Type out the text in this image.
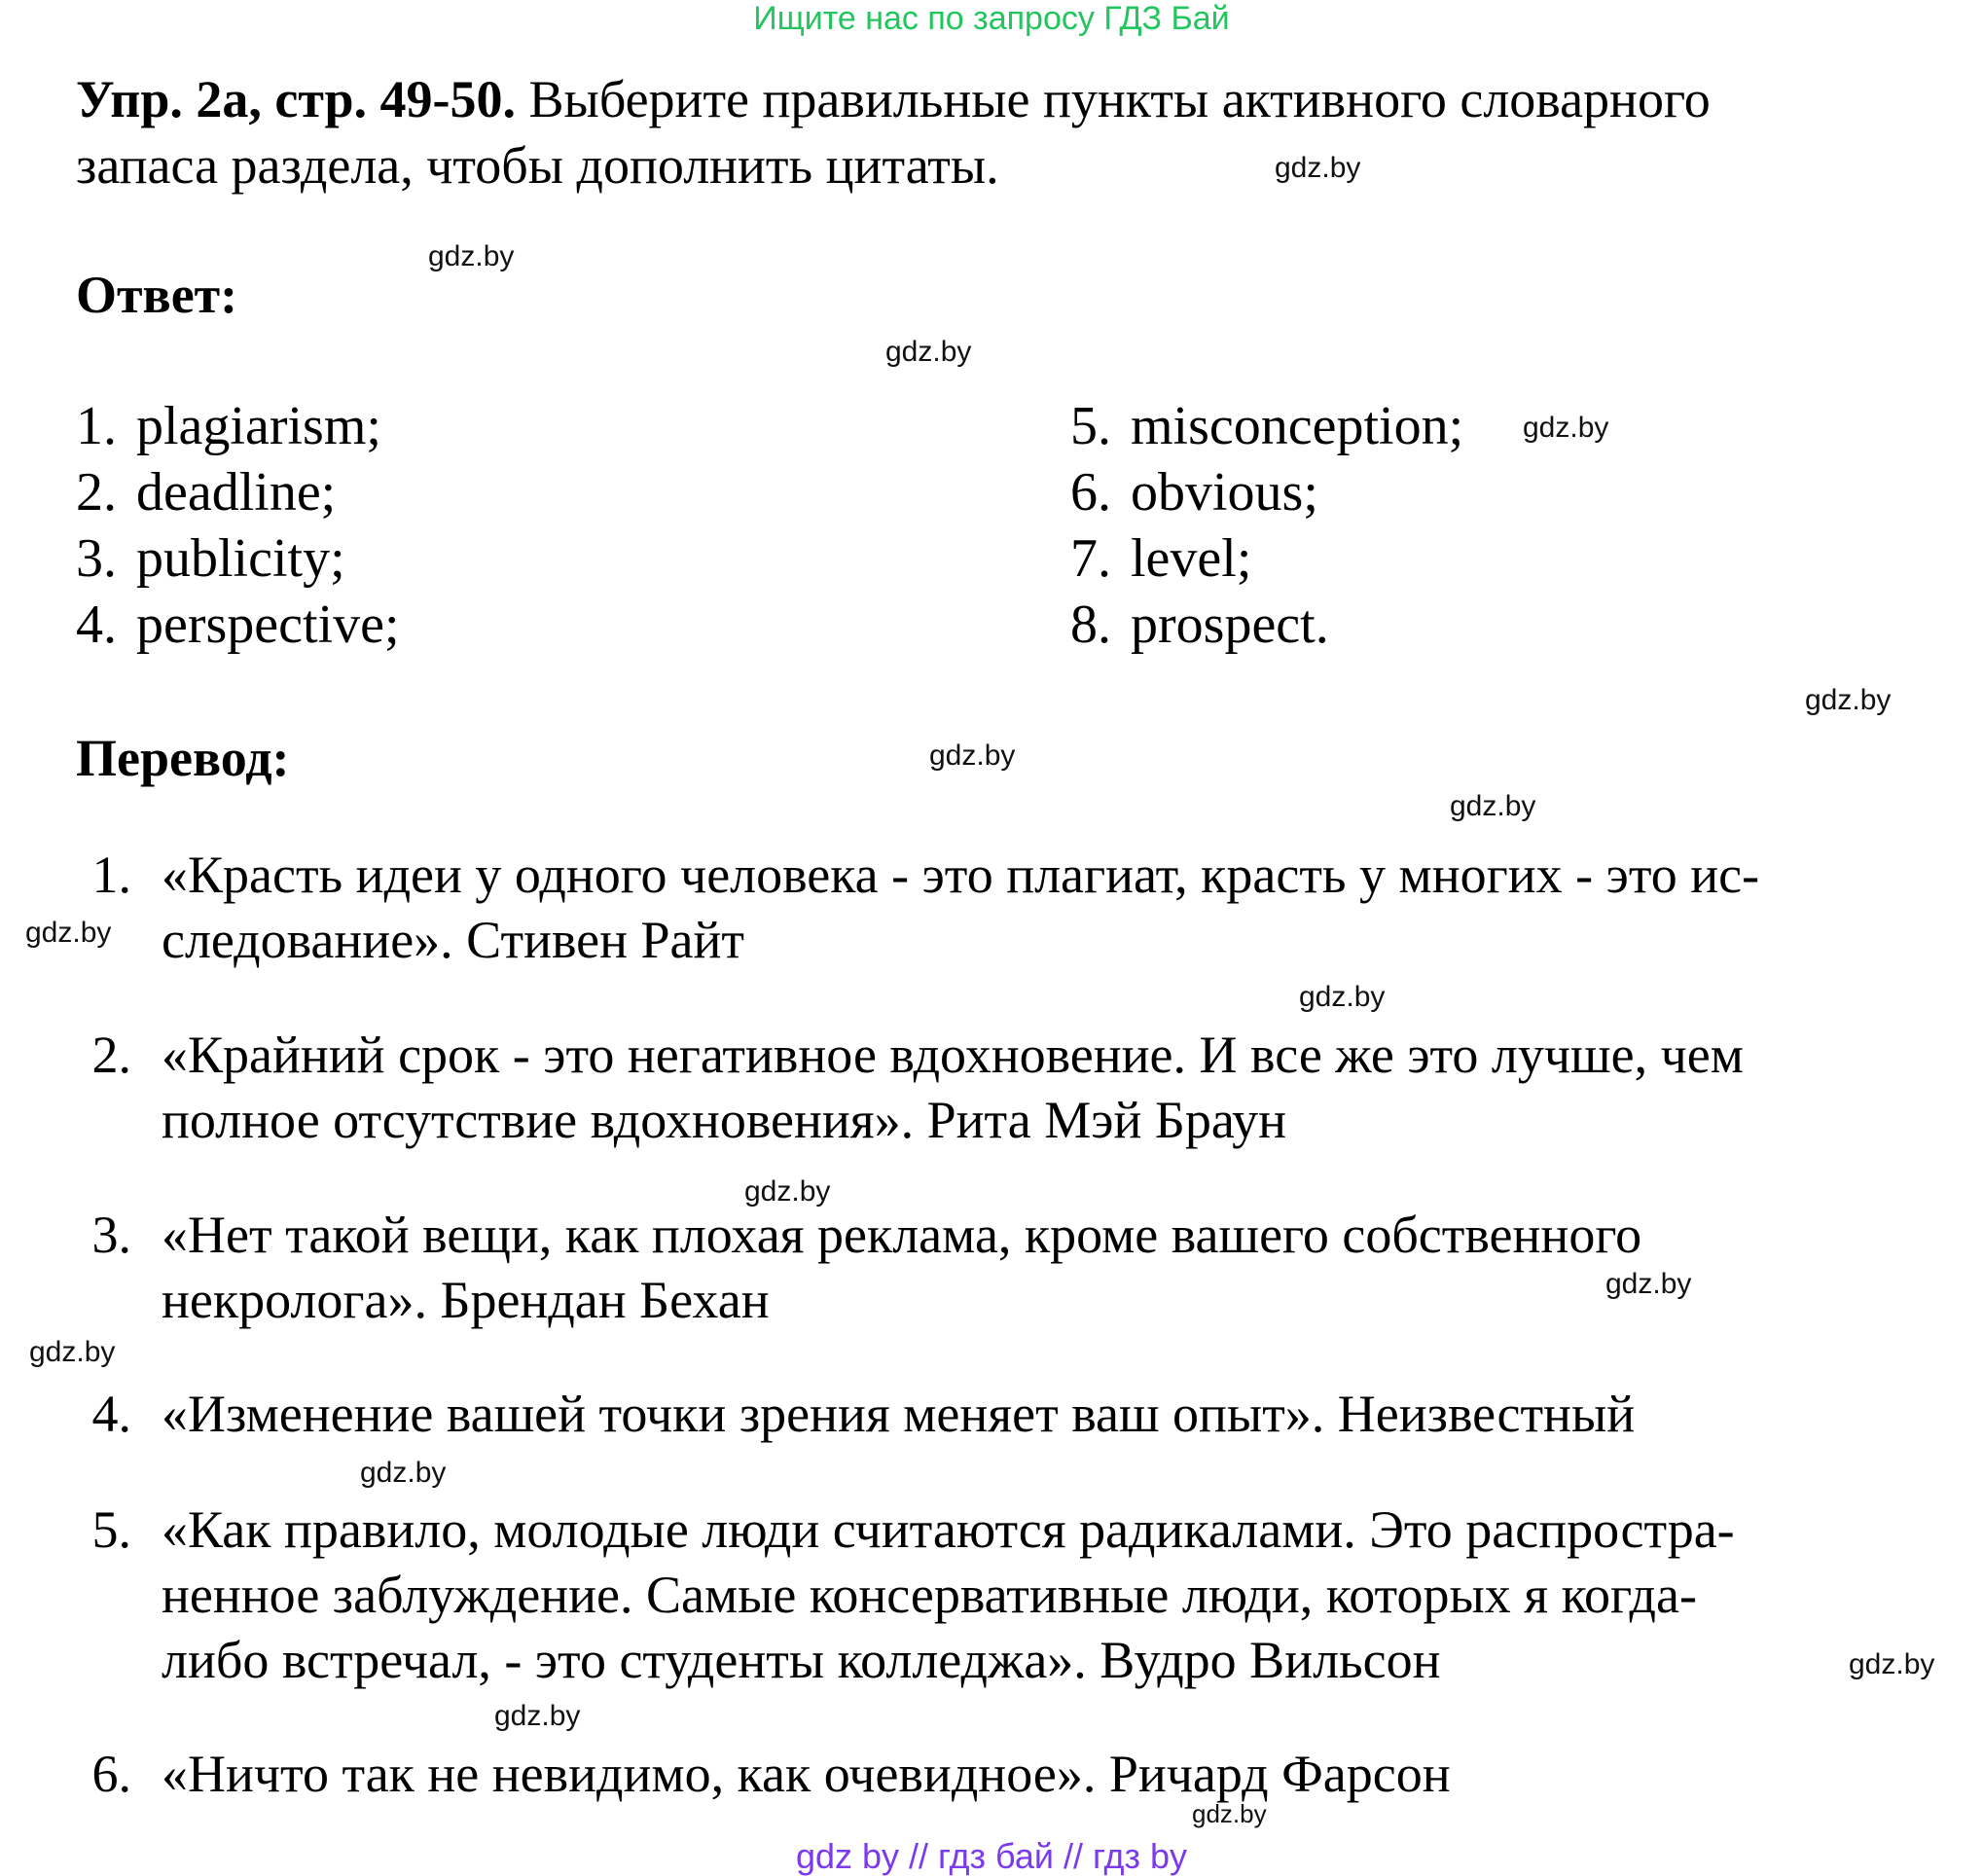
Ищите нас по запросу ГДЗ Бай
Упр. 2а, стр. 49-50. Выберите правильные пункты активного словарного
запаса раздела, чтобы дополнить цитаты.
Ответ:
1. plagiarism;
2. deadline;
3. publicity;
4. perspective;
5. misconception;
6. obvious;
7. level;
8. prospect.
Перевод:
1. «Красть идеи у одного человека - это плагиат, красть у многих - это ис-
следование». Стивен Райт
2. «Крайний срок - это негативное вдохновение. И все же это лучше, чем
полное отсутствие вдохновения». Рита Мэй Браун
3. «Нет такой вещи, как плохая реклама, кроме вашего собственного
некролога». Брендан Бехан
4. «Изменение вашей точки зрения меняет ваш опыт». Неизвестный
5. «Как правило, молодые люди считаются радикалами. Это распростра-
ненное заблуждение. Самые консервативные люди, которых я когда-
либо встречал, - это студенты колледжа». Вудро Вильсон
6. «Ничто так не невидимо, как очевидное». Ричард Фарсон
gdz.by
gdz.by
gdz.by
gdz.by
gdz.by
gdz.by
gdz.by
gdz.by
gdz.by
gdz.by
gdz.by
gdz.by
gdz.by
gdz.by
gdz.by
gdz.by
gdz by // гдз бай // гдз by
